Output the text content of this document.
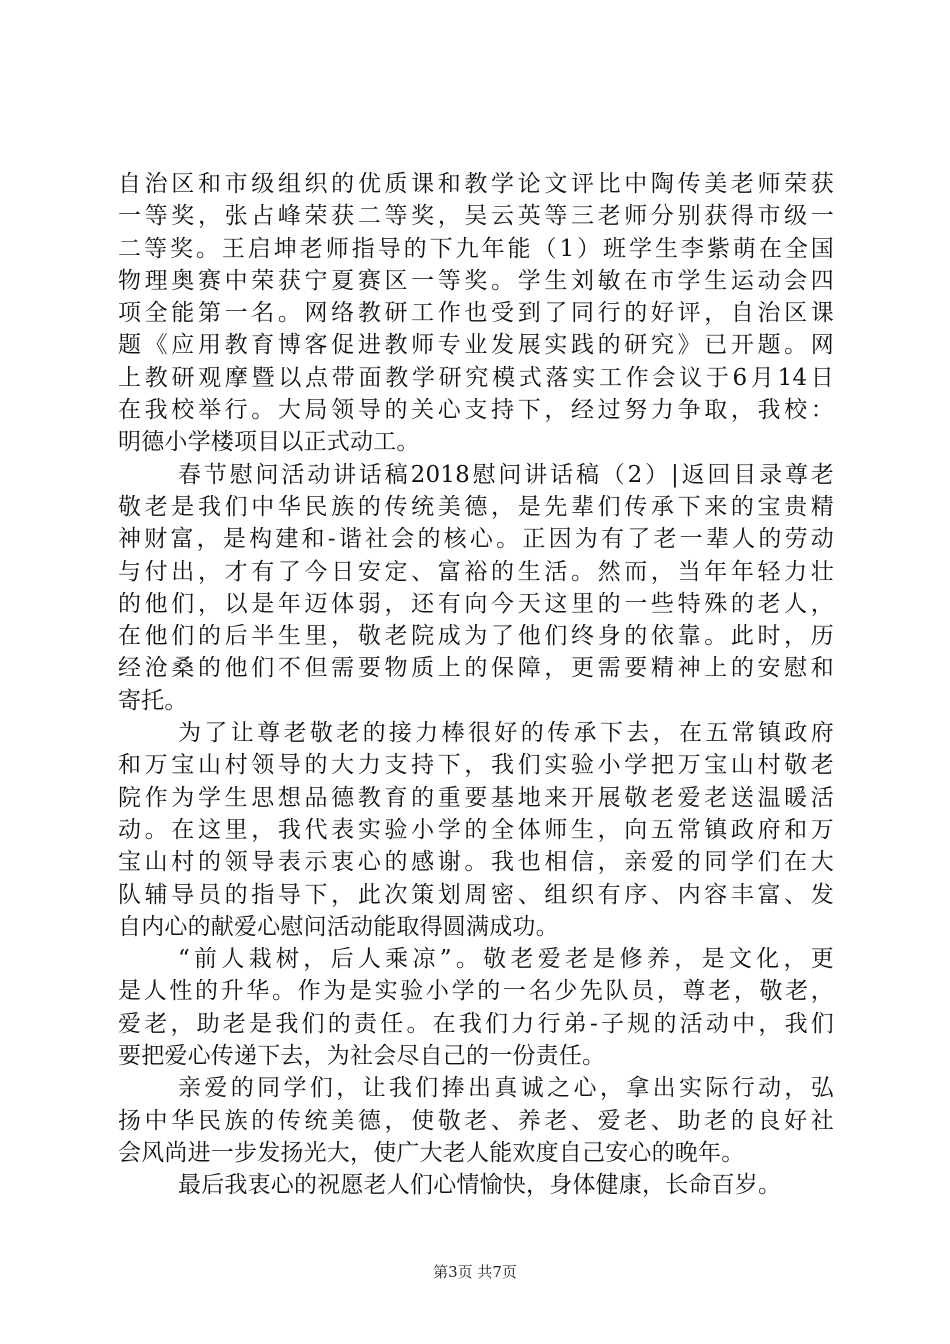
自治区和市级组织的优质课和教学论文评比中陶传美老师荣获
一等奖，张占峰荣获二等奖，吴云英等三老师分别获得市级一
二等奖。王启坤老师指导的下九年能（1）班学生李紫萌在全国
物理奥赛中荣获宁夏赛区一等奖。学生刘敏在市学生运动会四
项全能第一名。网络教研工作也受到了同行的好评，自治区课
题《应用教育博客促进教师专业发展实践的研究》已开题。网
上教研观摩暨以点带面教学研究模式落实工作会议于6月14日
在我校举行。大局领导的关心支持下，经过努力争取，我校：
明德小学楼项目以正式动工。
春节慰问活动讲话稿2018慰问讲话稿（2）|返回目录尊老
敬老是我们中华民族的传统美德，是先辈们传承下来的宝贵精
神财富，是构建和-谐社会的核心。正因为有了老一辈人的劳动
与付出，才有了今日安定、富裕的生活。然而，当年年轻力壮
的他们，以是年迈体弱，还有向今天这里的一些特殊的老人，
在他们的后半生里，敬老院成为了他们终身的依靠。此时，历
经沧桑的他们不但需要物质上的保障，更需要精神上的安慰和
寄托。
为了让尊老敬老的接力棒很好的传承下去，在五常镇政府
和万宝山村领导的大力支持下，我们实验小学把万宝山村敬老
院作为学生思想品德教育的重要基地来开展敬老爱老送温暖活
动。在这里，我代表实验小学的全体师生，向五常镇政府和万
宝山村的领导表示衷心的感谢。我也相信，亲爱的同学们在大
队辅导员的指导下，此次策划周密、组织有序、内容丰富、发
自内心的献爱心慰问活动能取得圆满成功。
“前人栽树，后人乘凉”。敬老爱老是修养，是文化，更
是人性的升华。作为是实验小学的一名少先队员，尊老，敬老，
爱老，助老是我们的责任。在我们力行弟-子规的活动中，我们
要把爱心传递下去，为社会尽自己的一份责任。
亲爱的同学们，让我们捧出真诚之心，拿出实际行动，弘
扬中华民族的传统美德，使敬老、养老、爱老、助老的良好社
会风尚进一步发扬光大，使广大老人能欢度自己安心的晚年。
最后我衷心的祝愿老人们心情愉快，身体健康，长命百岁。
第3页 共7页
